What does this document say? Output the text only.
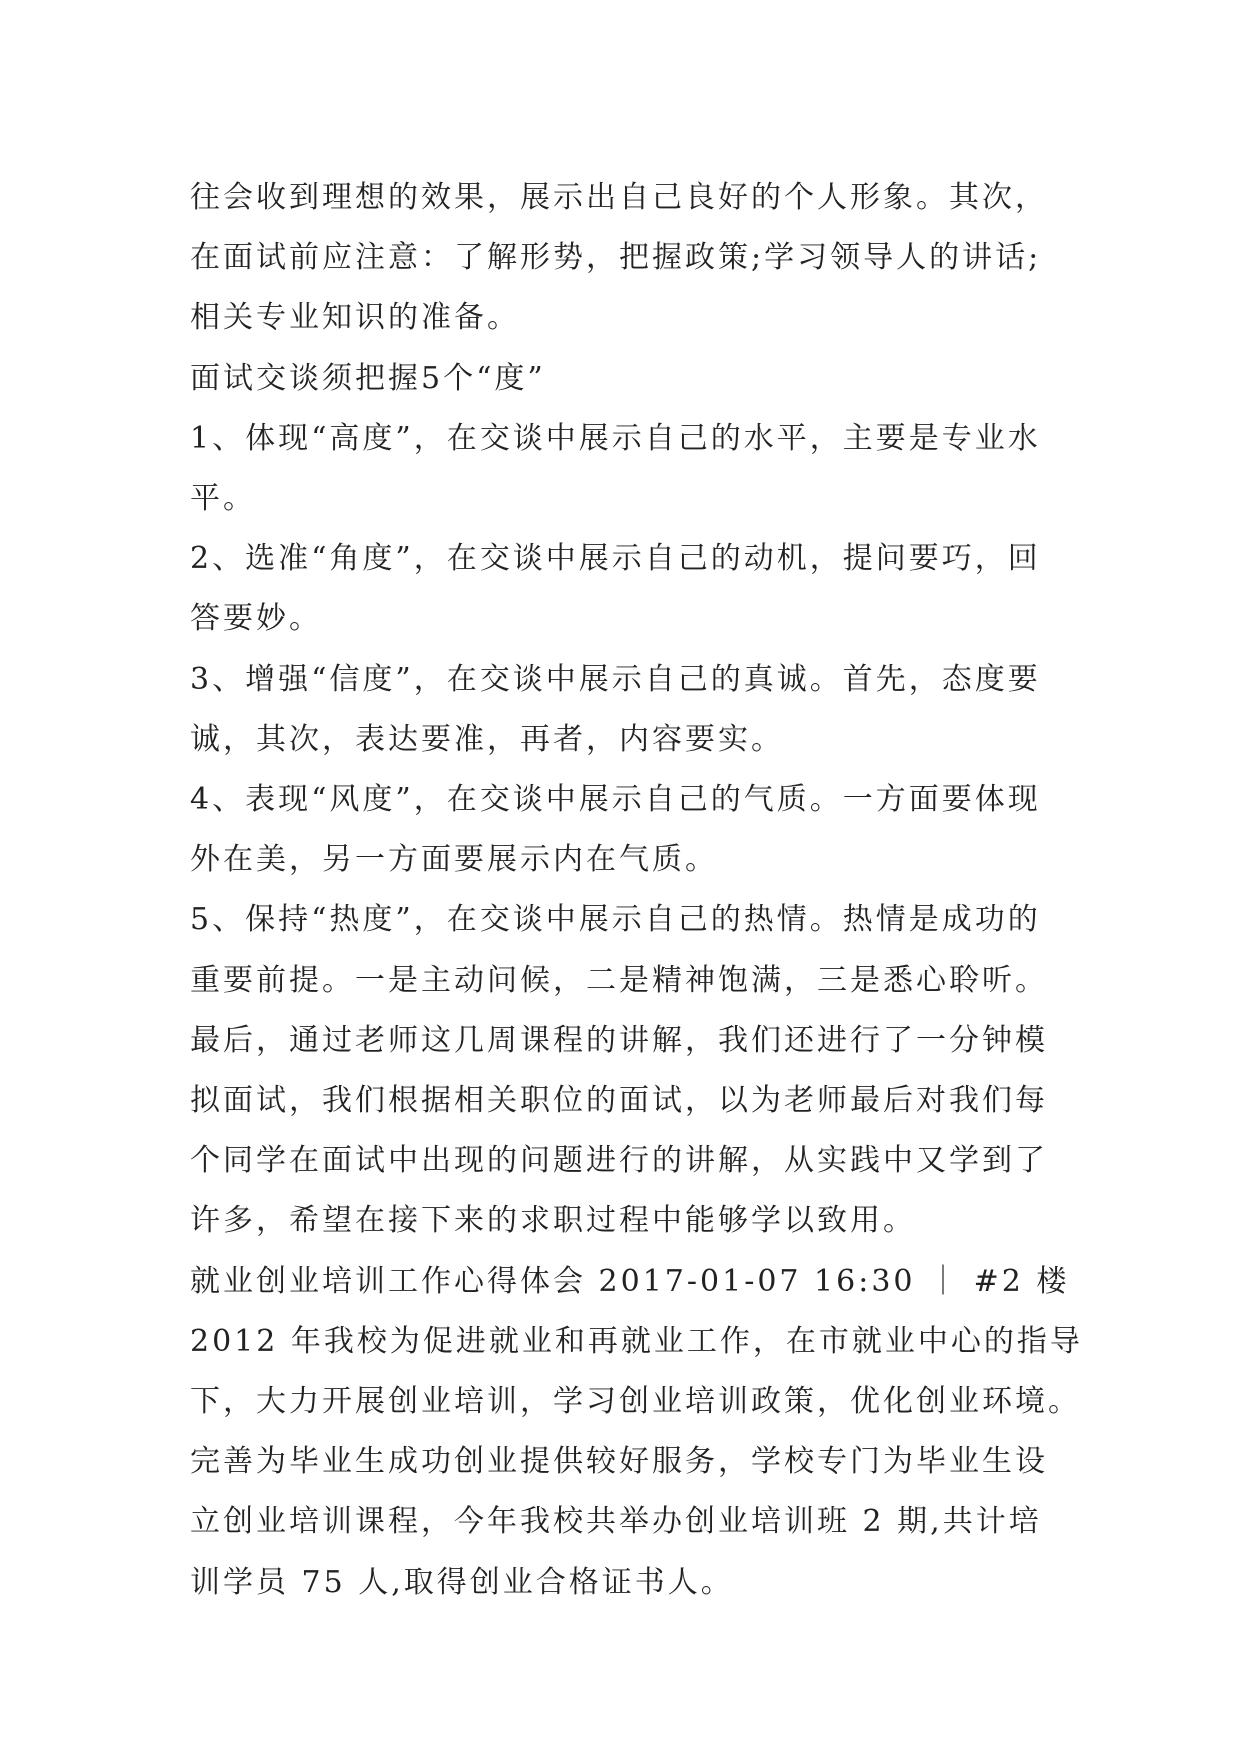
往会收到理想的效果，展示出自己良好的个人形象。其次，

在面试前应注意：了解形势，把握政策;学习领导人的讲话;

相关专业知识的准备。

面试交谈须把握5个“度”

1、体现“高度”，在交谈中展示自己的水平，主要是专业水

平。

2、选准“角度”，在交谈中展示自己的动机，提问要巧，回

答要妙。

3、增强“信度”，在交谈中展示自己的真诚。首先，态度要

诚，其次，表达要准，再者，内容要实。

4、表现“风度”，在交谈中展示自己的气质。一方面要体现

外在美，另一方面要展示内在气质。

5、保持“热度”，在交谈中展示自己的热情。热情是成功的

重要前提。一是主动问候，二是精神饱满，三是悉心聆听。

最后，通过老师这几周课程的讲解，我们还进行了一分钟模

拟面试，我们根据相关职位的面试，以为老师最后对我们每

个同学在面试中出现的问题进行的讲解，从实践中又学到了

许多，希望在接下来的求职过程中能够学以致用。

就业创业培训工作心得体会 2017-01-07 16:30 ｜ #2 楼

2012 年我校为促进就业和再就业工作，在市就业中心的指导

下，大力开展创业培训，学习创业培训政策，优化创业环境。

完善为毕业生成功创业提供较好服务，学校专门为毕业生设

立创业培训课程，今年我校共举办创业培训班 2 期,共计培

训学员 75 人,取得创业合格证书人。
